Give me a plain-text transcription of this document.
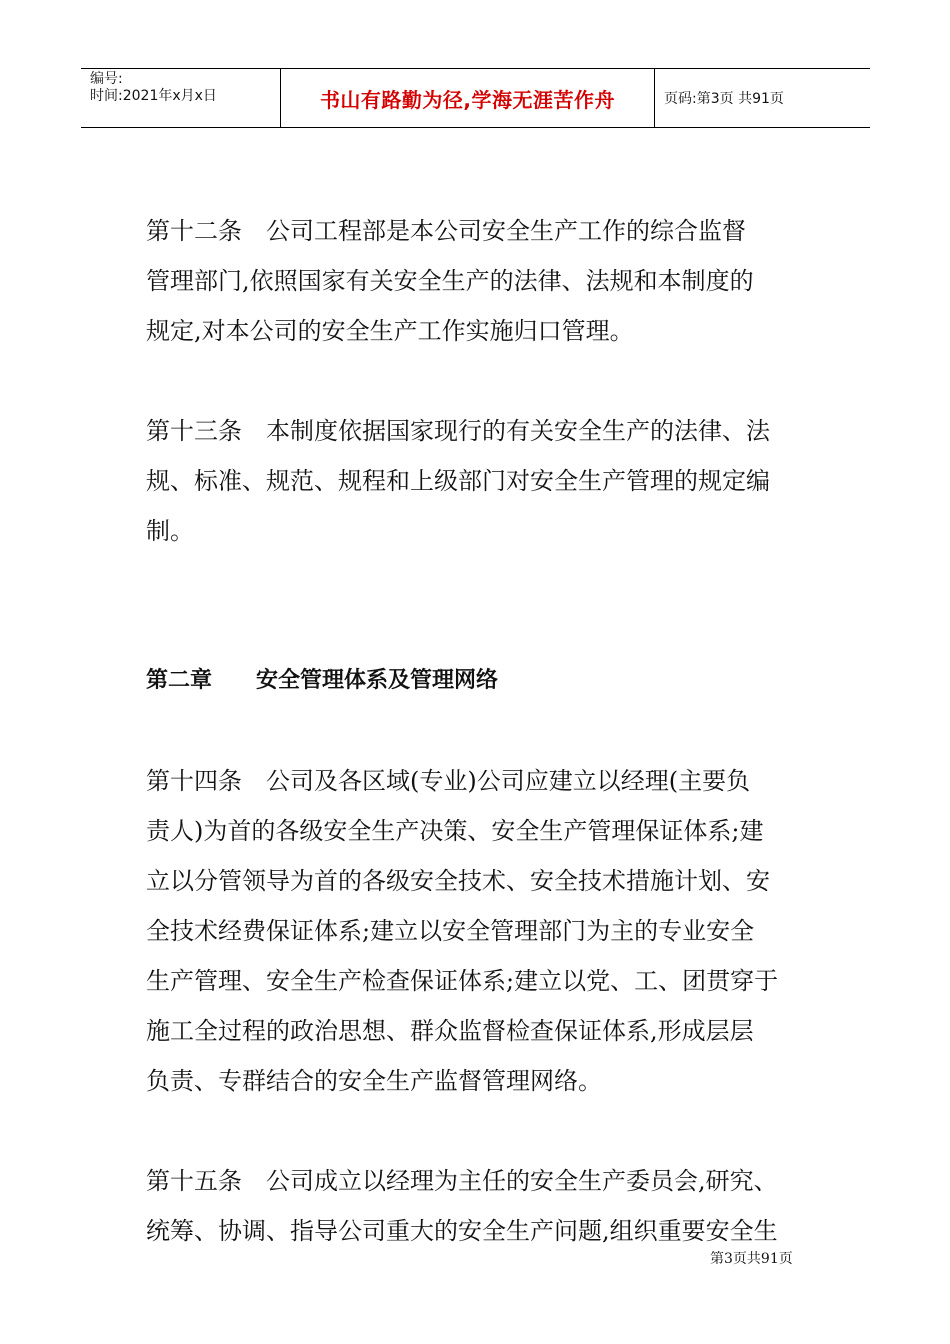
编号:
时间:2021年x月x日	书山有路勤为径,学海无涯苦作舟	页码:第3页 共91页

第十二条　公司工程部是本公司安全生产工作的综合监督

管理部门,依照国家有关安全生产的法律、法规和本制度的

规定,对本公司的安全生产工作实施归口管理。

第十三条　本制度依据国家现行的有关安全生产的法律、法

规、标准、规范、规程和上级部门对安全生产管理的规定编制。

第二章　　安全管理体系及管理网络

第十四条　公司及各区域(专业)公司应建立以经理(主要负

责人)为首的各级安全生产决策、安全生产管理保证体系;建

立以分管领导为首的各级安全技术、安全技术措施计划、安

全技术经费保证体系;建立以安全管理部门为主的专业安全

生产管理、安全生产检查保证体系;建立以党、工、团贯穿于

施工全过程的政治思想、群众监督检查保证体系,形成层层

负责、专群结合的安全生产监督管理网络。

第十五条　公司成立以经理为主任的安全生产委员会,研究、

统筹、协调、指导公司重大的安全生产问题,组织重要安全生

第3页共91页
